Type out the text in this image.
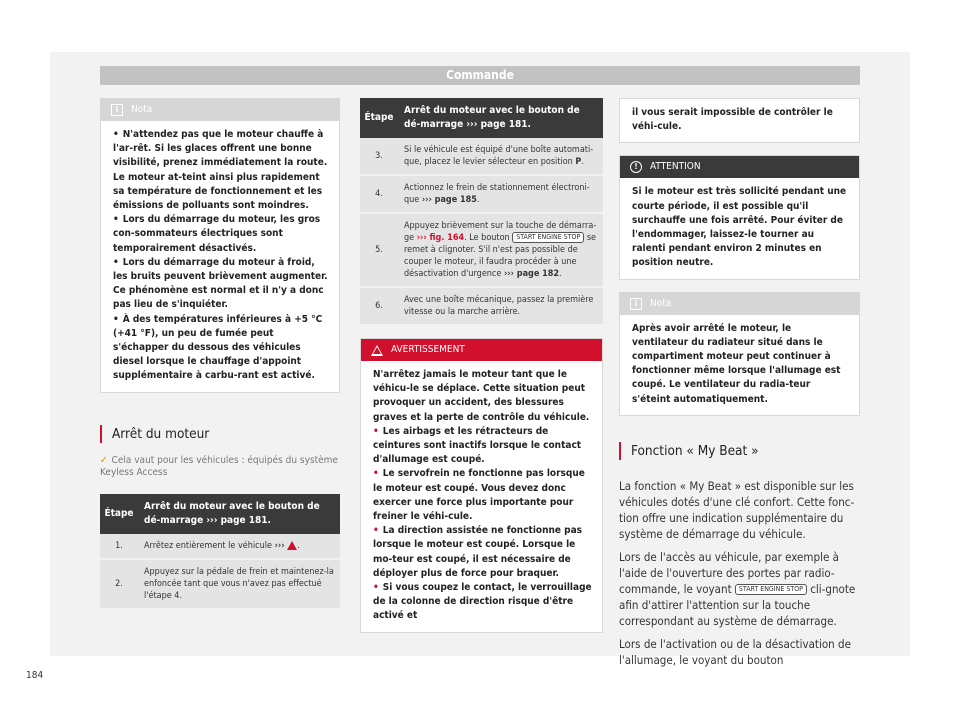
Commande
i	Nota

• N'attendez pas que le moteur chauffe à l'ar-rêt. Si les glaces offrent une bonne visibilité, prenez immédiatement la route. Le moteur at-teint ainsi plus rapidement sa température de fonctionnement et les émissions de polluants sont moindres.

• Lors du démarrage du moteur, les gros con-sommateurs électriques sont temporairement désactivés.

• Lors du démarrage du moteur à froid, les bruits peuvent brièvement augmenter. Ce phénomène est normal et il n'y a donc pas lieu de s'inquiéter.

• À des températures inférieures à +5 °C (+41 °F), un peu de fumée peut s'échapper du dessous des véhicules diesel lorsque le chauffage d'appoint supplémentaire à carbu-rant est activé.

Arrêt du moteur
✓ Cela vaut pour les véhicules : équipés du système Keyless Access
Étape	Arrêt du moteur avec le bouton de dé-marrage ››› page 181.
1.	Arrêtez entièrement le véhicule ››› .
2.	Appuyez sur la pédale de frein et maintenez-la enfoncée tant que vous n'avez pas effectué l'étape 4.
Étape	Arrêt du moteur avec le bouton de dé-marrage ››› page 181.
3.	Si le véhicule est équipé d'une boîte automati-que, placez le levier sélecteur en position P.
4.	Actionnez le frein de stationnement électroni-que ››› page 185.
5.	Appuyez brièvement sur la touche de démarra-ge ››› fig. 164. Le bouton START ENGINE STOP se remet à clignoter. S'il n'est pas possible de couper le moteur, il faudra procéder à une désactivation d'urgence ››› page 182.
6.	Avec une boîte mécanique, passez la première vitesse ou la marche arrière.
AVERTISSEMENT

N'arrêtez jamais le moteur tant que le véhicu-le se déplace. Cette situation peut provoquer un accident, des blessures graves et la perte de contrôle du véhicule.

• Les airbags et les rétracteurs de ceintures sont inactifs lorsque le contact d'allumage est coupé.

• Le servofrein ne fonctionne pas lorsque le moteur est coupé. Vous devez donc exercer une force plus importante pour freiner le véhi-cule.

• La direction assistée ne fonctionne pas lorsque le moteur est coupé. Lorsque le mo-teur est coupé, il est nécessaire de déployer plus de force pour braquer.

• Si vous coupez le contact, le verrouillage de la colonne de direction risque d'être activé et

il vous serait impossible de contrôler le véhi-cule.
!	ATTENTION
Si le moteur est très sollicité pendant une courte période, il est possible qu'il surchauffe une fois arrêté. Pour éviter de l'endommager, laissez-le tourner au ralenti pendant environ 2 minutes en position neutre.
i	Nota
Après avoir arrêté le moteur, le ventilateur du radiateur situé dans le compartiment moteur peut continuer à fonctionner même lorsque l'allumage est coupé. Le ventilateur du radia-teur s'éteint automatiquement.
Fonction « My Beat »

La fonction « My Beat » est disponible sur les véhicules dotés d'une clé confort. Cette fonc-tion offre une indication supplémentaire du système de démarrage du véhicule.

Lors de l'accès au véhicule, par exemple à l'aide de l'ouverture des portes par radio-commande, le voyant START ENGINE STOP cli-gnote afin d'attirer l'attention sur la touche correspondant au système de démarrage.

Lors de l'activation ou de la désactivation de l'allumage, le voyant du bouton

184
